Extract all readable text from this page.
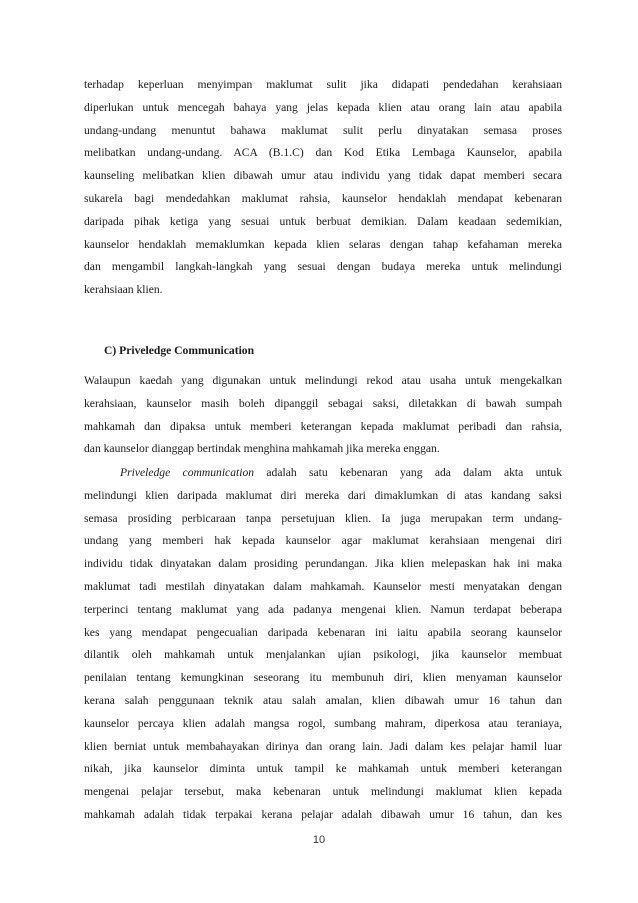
terhadap keperluan menyimpan maklumat sulit jika didapati pendedahan kerahsiaan
diperlukan untuk mencegah bahaya yang jelas kepada klien atau orang lain atau apabila
undang-undang menuntut bahawa maklumat sulit perlu dinyatakan semasa proses
melibatkan undang-undang. ACA (B.1.C) dan Kod Etika Lembaga Kaunselor, apabila
kaunseling melibatkan klien dibawah umur atau individu yang tidak dapat memberi secara
sukarela bagi mendedahkan maklumat rahsia, kaunselor hendaklah mendapat kebenaran
daripada pihak ketiga yang sesuai untuk berbuat demikian. Dalam keadaan sedemikian,
kaunselor hendaklah memaklumkan kepada klien selaras dengan tahap kefahaman mereka
dan mengambil langkah-langkah yang sesuai dengan budaya mereka untuk melindungi
kerahsiaan klien.
C) Priveledge Communication
Walaupun kaedah yang digunakan untuk melindungi rekod atau usaha untuk mengekalkan
kerahsiaan, kaunselor masih boleh dipanggil sebagai saksi, diletakkan di bawah sumpah
mahkamah dan dipaksa untuk memberi keterangan kepada maklumat peribadi dan rahsia,
dan kaunselor dianggap bertindak menghina mahkamah jika mereka enggan.
Priveledge communication adalah satu kebenaran yang ada dalam akta untuk
melindungi klien daripada maklumat diri mereka dari dimaklumkan di atas kandang saksi
semasa prosiding perbicaraan tanpa persetujuan klien. Ia juga merupakan term undang-
undang yang memberi hak kepada kaunselor agar maklumat kerahsiaan mengenai diri
individu tidak dinyatakan dalam prosiding perundangan. Jika klien melepaskan hak ini maka
maklumat tadi mestilah dinyatakan dalam mahkamah. Kaunselor mesti menyatakan dengan
terperinci tentang maklumat yang ada padanya mengenai klien. Namun terdapat beberapa
kes yang mendapat pengecualian daripada kebenaran ini iaitu apabila seorang kaunselor
dilantik oleh mahkamah untuk menjalankan ujian psikologi, jika kaunselor membuat
penilaian tentang kemungkinan seseorang itu membunuh diri, klien menyaman kaunselor
kerana salah penggunaan teknik atau salah amalan, klien dibawah umur 16 tahun dan
kaunselor percaya klien adalah mangsa rogol, sumbang mahram, diperkosa atau teraniaya,
klien berniat untuk membahayakan dirinya dan orang lain. Jadi dalam kes pelajar hamil luar
nikah, jika kaunselor diminta untuk tampil ke mahkamah untuk memberi keterangan
mengenai pelajar tersebut, maka kebenaran untuk melindungi maklumat klien kepada
mahkamah adalah tidak terpakai kerana pelajar adalah dibawah umur 16 tahun, dan kes
10
